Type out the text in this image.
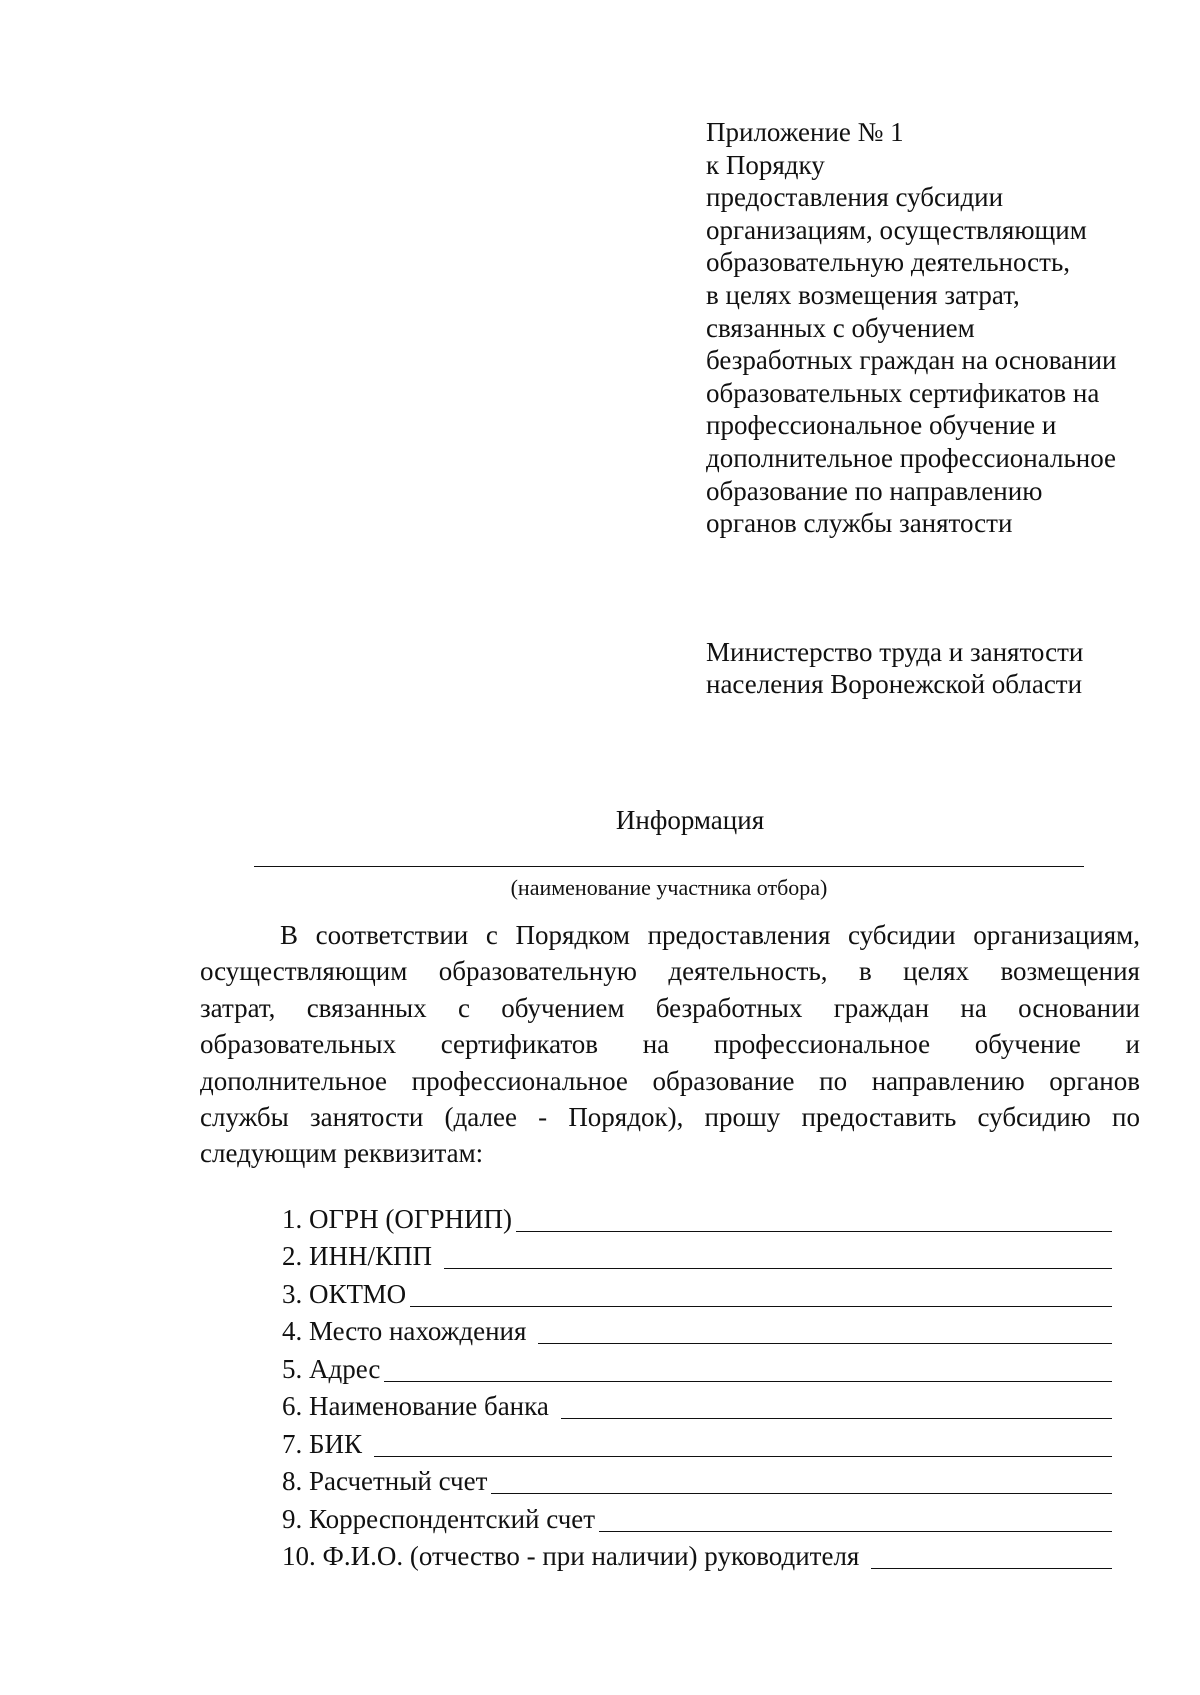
Приложение № 1
к Порядку
предоставления субсидии
организациям, осуществляющим
образовательную деятельность,
в целях возмещения затрат,
связанных с обучением
безработных граждан на основании
образовательных сертификатов на
профессиональное обучение и
дополнительное профессиональное
образование по направлению
органов службы занятости
Министерство труда и занятости
населения Воронежской области
Информация
(наименование участника отбора)
В соответствии с Порядком предоставления субсидии организациям,
осуществляющим образовательную деятельность, в целях возмещения
затрат, связанных с обучением безработных граждан на основании
образовательных сертификатов на профессиональное обучение и
дополнительное профессиональное образование по направлению органов
службы занятости (далее - Порядок), прошу предоставить субсидию по
следующим реквизитам:
1. ОГРН (ОГРНИП)
2. ИНН/КПП
3. ОКТМО
4. Место нахождения
5. Адрес
6. Наименование банка
7. БИК
8. Расчетный счет
9. Корреспондентский счет
10. Ф.И.О. (отчество - при наличии) руководителя
